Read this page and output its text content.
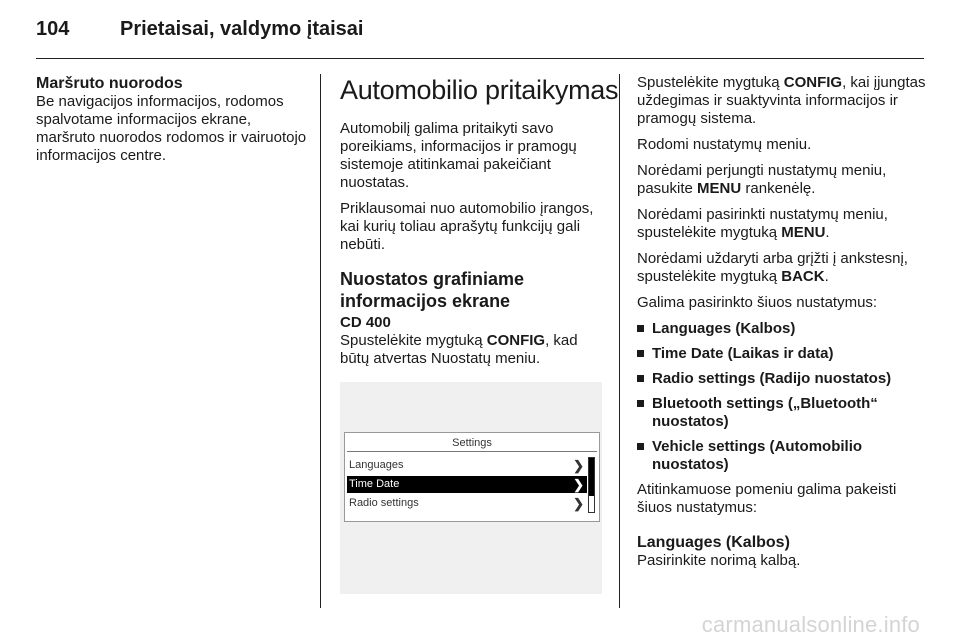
104	Prietaisai, valdymo įtaisai
Maršruto nuorodos
Be navigacijos informacijos, rodomos spalvotame informacijos ekrane, maršruto nuorodos rodomos ir vairuotojo informacijos centre.
Automobilio pritaikymas
Automobilį galima pritaikyti savo poreikiams, informacijos ir pramogų sistemoje atitinkamai pakeičiant nuostatas.
Priklausomai nuo automobilio įrangos, kai kurių toliau aprašytų funkcijų gali nebūti.
Nuostatos grafiniame informacijos ekrane
CD 400
Spustelėkite mygtuką CONFIG, kad būtų atvertas Nuostatų meniu.
Settings
Languages	❯
Time Date	❯
Radio settings	❯
Spustelėkite mygtuką CONFIG, kai įjungtas uždegimas ir suaktyvinta informacijos ir pramogų sistema.
Rodomi nustatymų meniu.
Norėdami perjungti nustatymų meniu, pasukite MENU rankenėlę.
Norėdami pasirinkti nustatymų meniu, spustelėkite mygtuką MENU.
Norėdami uždaryti arba grįžti į ankstesnį, spustelėkite mygtuką BACK.
Galima pasirinkto šiuos nustatymus:
Languages (Kalbos)
Time Date (Laikas ir data)
Radio settings (Radijo nuostatos)
Bluetooth settings („Bluetooth“ nuostatos)
Vehicle settings (Automobilio nuostatos)
Atitinkamuose pomeniu galima pakeisti šiuos nustatymus:
Languages (Kalbos)
Pasirinkite norimą kalbą.
carmanualsonline.info
